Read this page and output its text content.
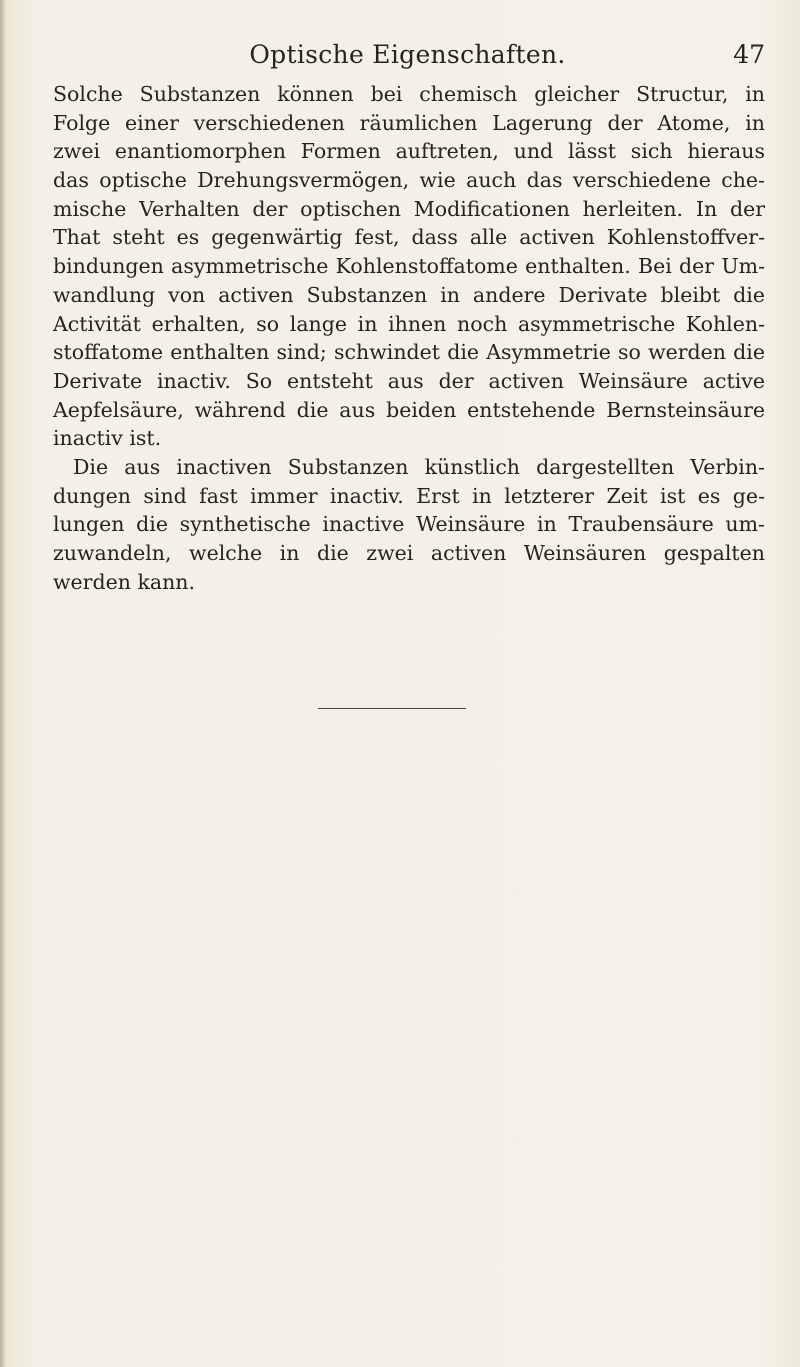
Optische Eigenschaften.	47
Solche Substanzen können bei chemisch gleicher Structur, in
Folge einer verschiedenen räumlichen Lagerung der Atome, in
zwei enantiomorphen Formen auftreten, und lässt sich hieraus
das optische Drehungsvermögen, wie auch das verschiedene che-
mische Verhalten der optischen Modificationen herleiten. In der
That steht es gegenwärtig fest, dass alle activen Kohlenstoffver-
bindungen asymmetrische Kohlenstoffatome enthalten. Bei der Um-
wandlung von activen Substanzen in andere Derivate bleibt die
Activität erhalten, so lange in ihnen noch asymmetrische Kohlen-
stoffatome enthalten sind; schwindet die Asymmetrie so werden die
Derivate inactiv. So entsteht aus der activen Weinsäure active
Aepfelsäure, während die aus beiden entstehende Bernsteinsäure
inactiv ist.
Die aus inactiven Substanzen künstlich dargestellten Verbin-
dungen sind fast immer inactiv. Erst in letzterer Zeit ist es ge-
lungen die synthetische inactive Weinsäure in Traubensäure um-
zuwandeln, welche in die zwei activen Weinsäuren gespalten
werden kann.
